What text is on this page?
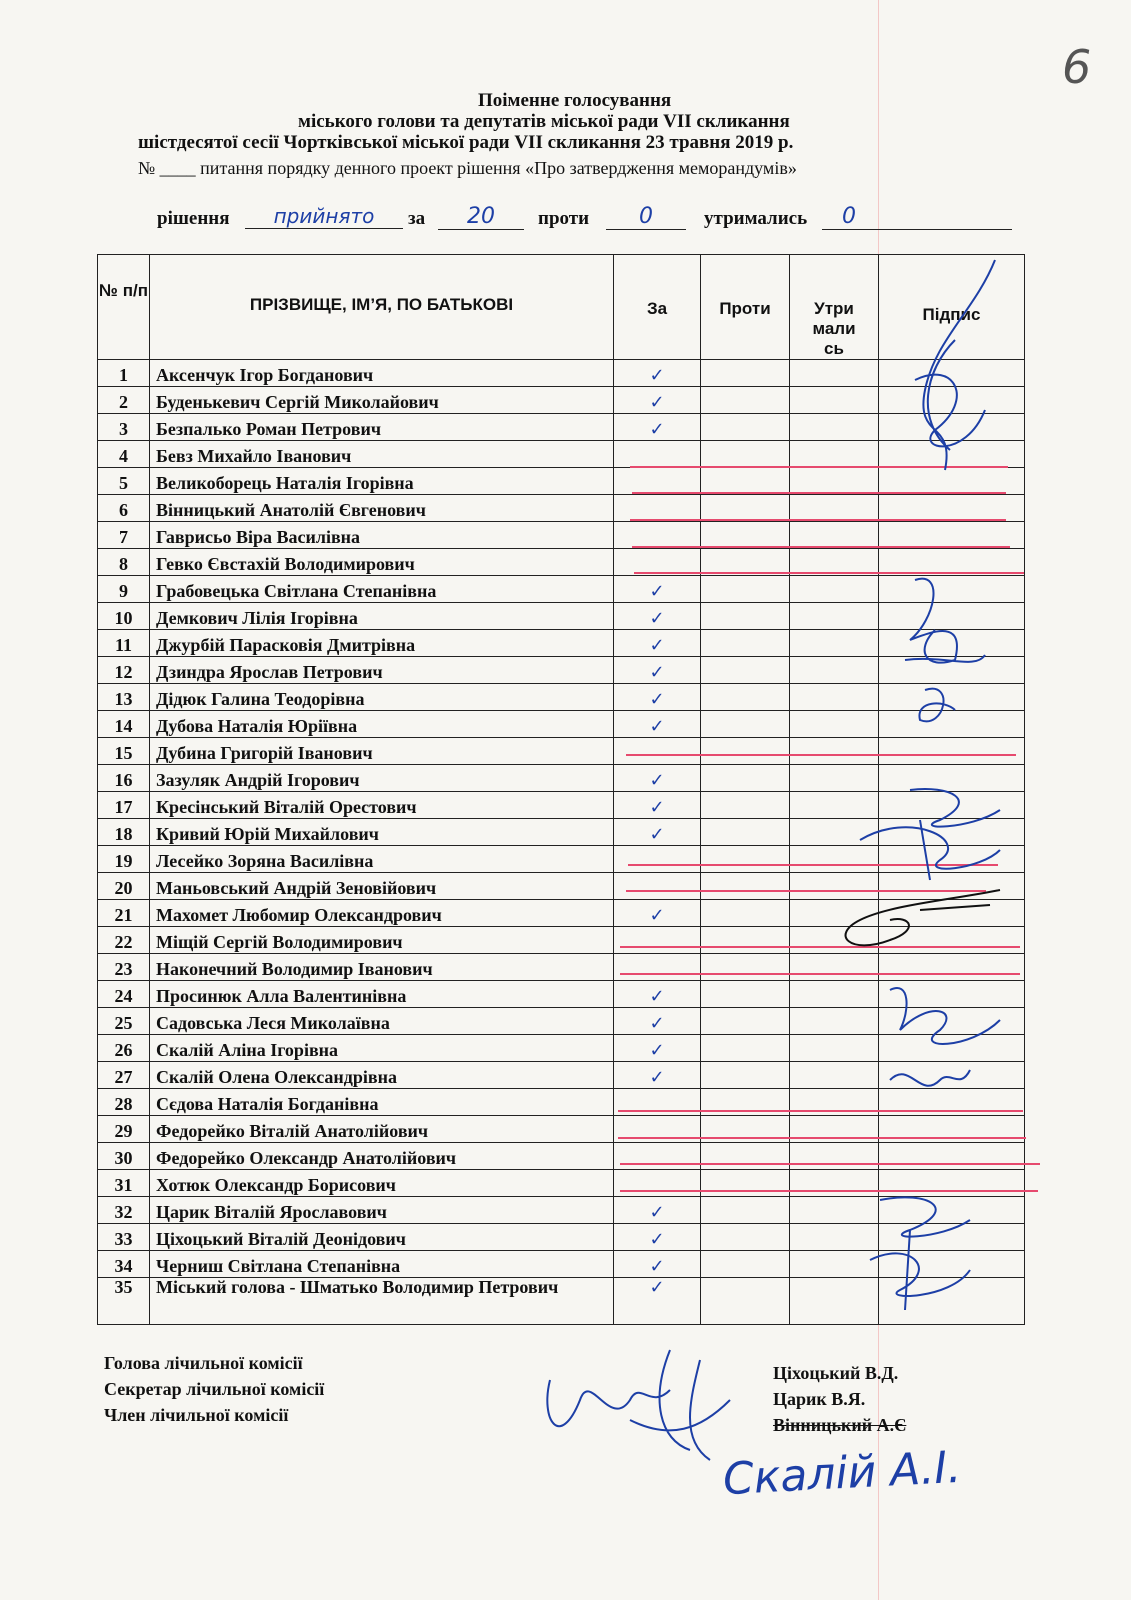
6
Поіменне голосування
міського голови та депутатів міської ради VII скликання
шістдесятої сесії Чортківської міської ради VII скликання 23 травня 2019 р.
№ ____ питання порядку денного проект рішення «Про затвердження меморандумів»
рішення	прийнято	за	20	проти	0	утримались	0
№ п/п	ПРІЗВИЩЕ, ІМ’Я, ПО БАТЬКОВІ	За	Проти	Утримались	Підпис
1	Аксенчук Ігор Богданович	✓			
2	Буденькевич Сергій Миколайович	✓			
3	Безпалько Роман Петрович	✓			
4	Бевз Михайло Іванович				
5	Великоборець Наталія Ігорівна				
6	Вінницький Анатолій Євгенович				
7	Гаврисьо Віра Василівна				
8	Гевко Євстахій Володимирович				
9	Грабовецька Світлана Степанівна	✓			
10	Демкович Лілія Ігорівна	✓			
11	Джурбій Парасковія Дмитрівна	✓			
12	Дзиндра Ярослав Петрович	✓			
13	Дідюк Галина Теодорівна	✓			
14	Дубова Наталія Юріївна	✓			
15	Дубина Григорій Іванович				
16	Зазуляк Андрій Ігорович	✓			
17	Кресінський Віталій Орестович	✓			
18	Кривий Юрій Михайлович	✓			
19	Лесейко Зоряна Василівна				
20	Маньовський Андрій Зеновійович				
21	Махомет Любомир Олександрович	✓			
22	Міщій Сергій Володимирович				
23	Наконечний Володимир Іванович				
24	Просинюк Алла Валентинівна	✓			
25	Садовська Леся Миколаївна	✓			
26	Скалій Аліна Ігорівна	✓			
27	Скалій Олена Олександрівна	✓			
28	Сєдова Наталія Богданівна				
29	Федорейко Віталій Анатолійович				
30	Федорейко Олександр Анатолійович				
31	Хотюк Олександр Борисович				
32	Царик Віталій Ярославович	✓			
33	Ціхоцький Віталій Деонідович	✓			
34	Черниш Світлана Степанівна	✓			
35	Міський голова - Шматько Володимир Петрович	✓			
Голова лічильної комісії
Секретар лічильної комісії
Член лічильної комісії
Ціхоцький В.Д.
Царик В.Я.
Вінницький А.Є
Скалій А.І.
